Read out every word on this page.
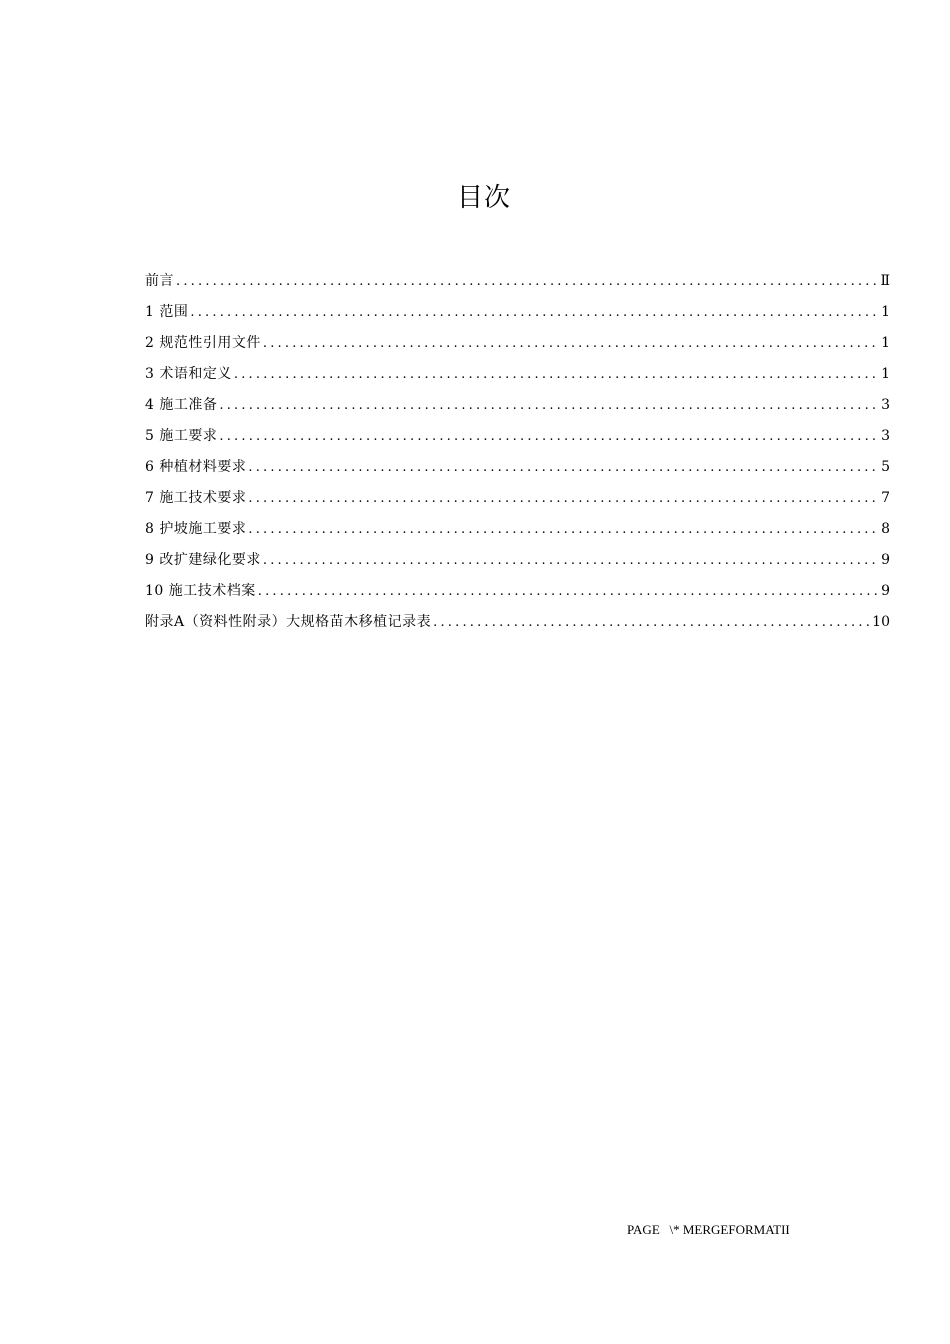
目次
前言 .....	Ⅱ
1 范围 .....	1
2 规范性引用文件 .....	1
3 术语和定义 .....	1
4 施工准备 .....	3
5 施工要求 .....	3
6 种植材料要求 .....	5
7 施工技术要求 .....	7
8 护坡施工要求 .....	8
9 改扩建绿化要求 .....	9
10 施工技术档案 .....	9
附录A（资料性附录）大规格苗木移植记录表 .....	10
PAGE   \* MERGEFORMATII
